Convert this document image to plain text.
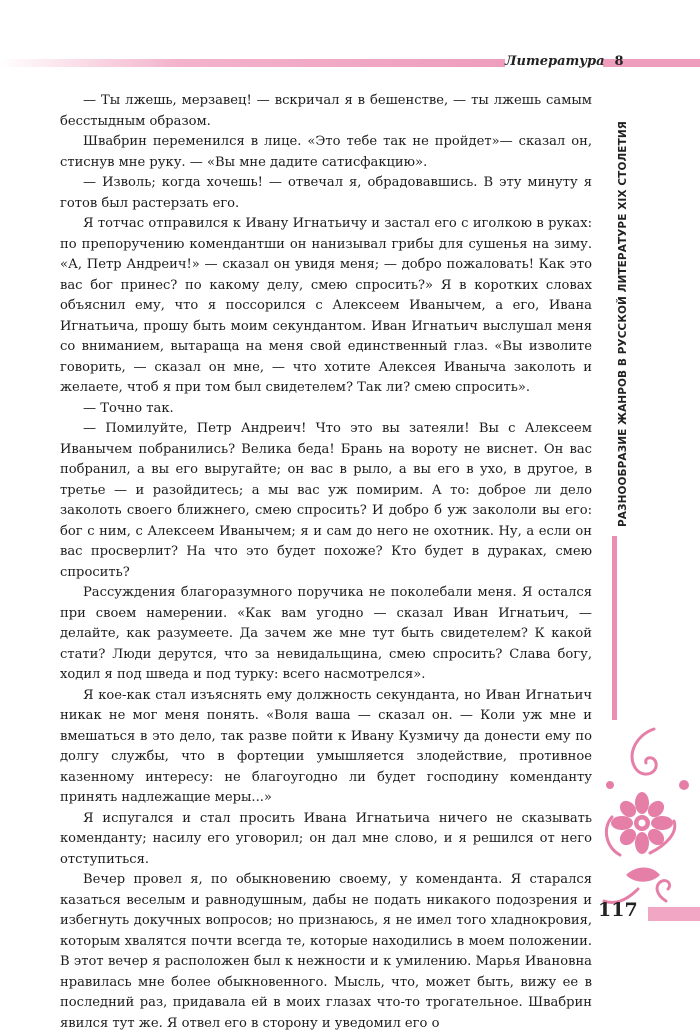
Литература 8

— Ты лжешь, мерзавец! — вскричал я в бешенстве, — ты лжешь самым бесстыдным образом.

Швабрин переменился в лице. «Это тебе так не пройдет»— сказал он, стиснув мне руку. — «Вы мне дадите сатисфакцию».

— Изволь; когда хочешь! — отвечал я, обрадовавшись. В эту минуту я готов был растерзать его.

Я тотчас отправился к Ивану Игнатьичу и застал его с иголкою в руках: по препоручению комендантши он нанизывал грибы для сушенья на зиму. «А, Петр Андреич!» — сказал он увидя меня; — добро пожаловать! Как это вас бог принес? по какому делу, смею спросить?» Я в коротких словах объяснил ему, что я поссорился с Алексеем Иванычем, а его, Ивана Игнатьича, прошу быть моим секундантом. Иван Игнатьич выслушал меня со вниманием, вытараща на меня свой единственный глаз. «Вы изволите говорить, — сказал он мне, — что хотите Алексея Иваныча заколоть и желаете, чтоб я при том был свидетелем? Так ли? смею спросить».

— Точно так.

— Помилуйте, Петр Андреич! Что это вы затеяли! Вы с Алексеем Иванычем побранились? Велика беда! Брань на вороту не виснет. Он вас побранил, а вы его выругайте; он вас в рыло, а вы его в ухо, в другое, в третье — и разойдитесь; а мы вас уж помирим. А то: доброе ли дело заколоть своего ближнего, смею спросить? И добро б уж закололи вы его: бог с ним, с Алексеем Иванычем; я и сам до него не охотник. Ну, а если он вас просверлит? На что это будет похоже? Кто будет в дураках, смею спросить?

Рассуждения благоразумного поручика не поколебали меня. Я остался при своем намерении. «Как вам угодно — сказал Иван Игнатьич, — делайте, как разумеете. Да зачем же мне тут быть свидетелем? К какой стати? Люди дерутся, что за невидальщина, смею спросить? Слава богу, ходил я под шведа и под турку: всего насмотрелся».

Я кое-как стал изъяснять ему должность секунданта, но Иван Игнатьич никак не мог меня понять. «Воля ваша — сказал он. — Коли уж мне и вмешаться в это дело, так разве пойти к Ивану Кузмичу да донести ему по долгу службы, что в фортеции умышляется злодействие, противное казенному интересу: не благоугодно ли будет господину коменданту принять надлежащие меры...»

Я испугался и стал просить Ивана Игнатьича ничего не сказывать коменданту; насилу его уговорил; он дал мне слово, и я решился от него отступиться.

Вечер провел я, по обыкновению своему, у коменданта. Я старался казаться веселым и равнодушным, дабы не подать никакого подозрения и избегнуть докучных вопросов; но признаюсь, я не имел того хладнокровия, которым хвалятся почти всегда те, которые находились в моем положении. В этот вечер я расположен был к нежности и к умилению. Марья Ивановна нравилась мне более обыкновенного. Мысль, что, может быть, вижу ее в последний раз, придавала ей в моих глазах что-то трогательное. Швабрин явился тут же. Я отвел его в сторону и уведомил его о

РАЗНООБРАЗИЕ ЖАНРОВ В РУССКОЙ ЛИТЕРАТУРЕ XIX СТОЛЕТИЯ
117
